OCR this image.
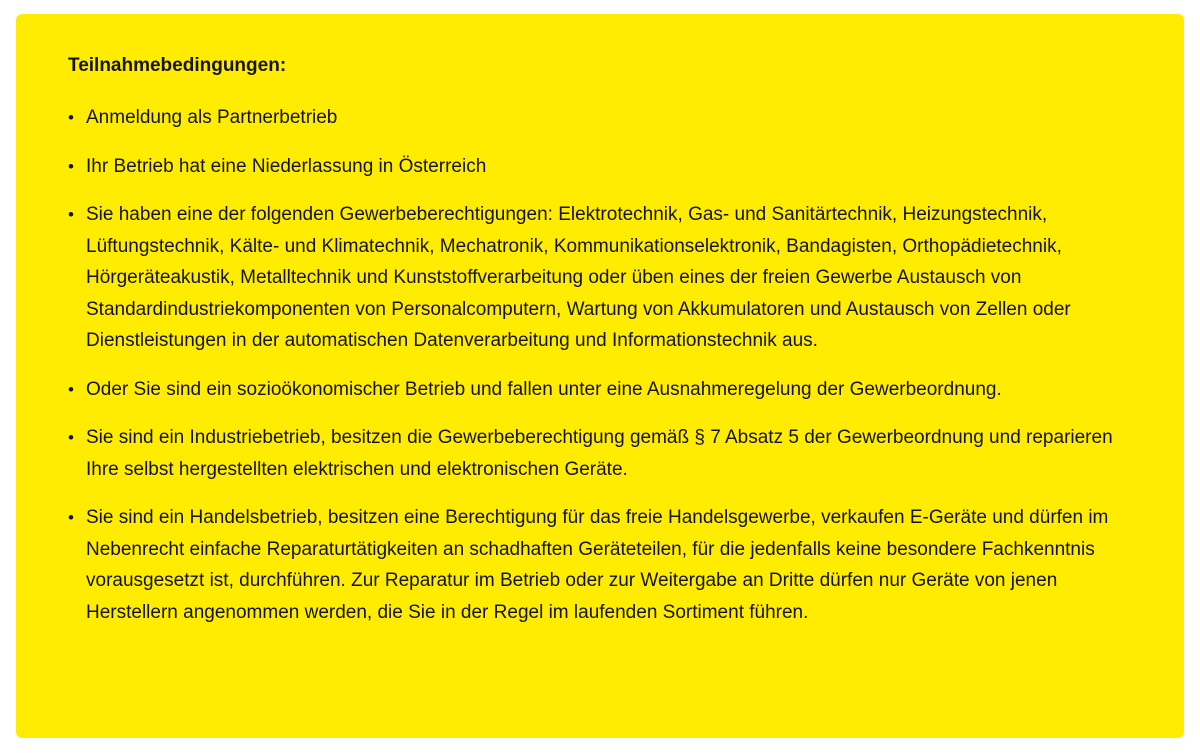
Teilnahmebedingungen:
•
Anmeldung als Partnerbetrieb
•
Ihr Betrieb hat eine Niederlassung in Österreich
•
Sie haben eine der folgenden Gewerbeberechtigungen: Elektrotechnik, Gas- und Sanitärtechnik, Heizungstechnik, Lüftungstechnik, Kälte- und Klimatechnik, Mechatronik, Kommunikationselektronik, Bandagisten, Orthopädietechnik, Hörgeräteakustik, Metalltechnik und Kunststoffverarbeitung oder üben eines der freien Gewerbe Austausch von Standardindustriekomponenten von Personalcomputern, Wartung von Akkumulatoren und Austausch von Zellen oder Dienstleistungen in der automatischen Datenverarbeitung und Informationstechnik aus.
•
Oder Sie sind ein sozioökonomischer Betrieb und fallen unter eine Ausnahmeregelung der Gewerbeordnung.
•
Sie sind ein Industriebetrieb, besitzen die Gewerbeberechtigung gemäß § 7 Absatz 5 der Gewerbeordnung und reparieren Ihre selbst hergestellten elektrischen und elektronischen Geräte.
•
Sie sind ein Handelsbetrieb, besitzen eine Berechtigung für das freie Handelsgewerbe, verkaufen E-Geräte und dürfen im Nebenrecht einfache Reparaturtätigkeiten an schadhaften Geräteteilen, für die jedenfalls keine besondere Fachkenntnis vorausgesetzt ist, durchführen. Zur Reparatur im Betrieb oder zur Weitergabe an Dritte dürfen nur Geräte von jenen Herstellern angenommen werden, die Sie in der Regel im laufenden Sortiment führen.
